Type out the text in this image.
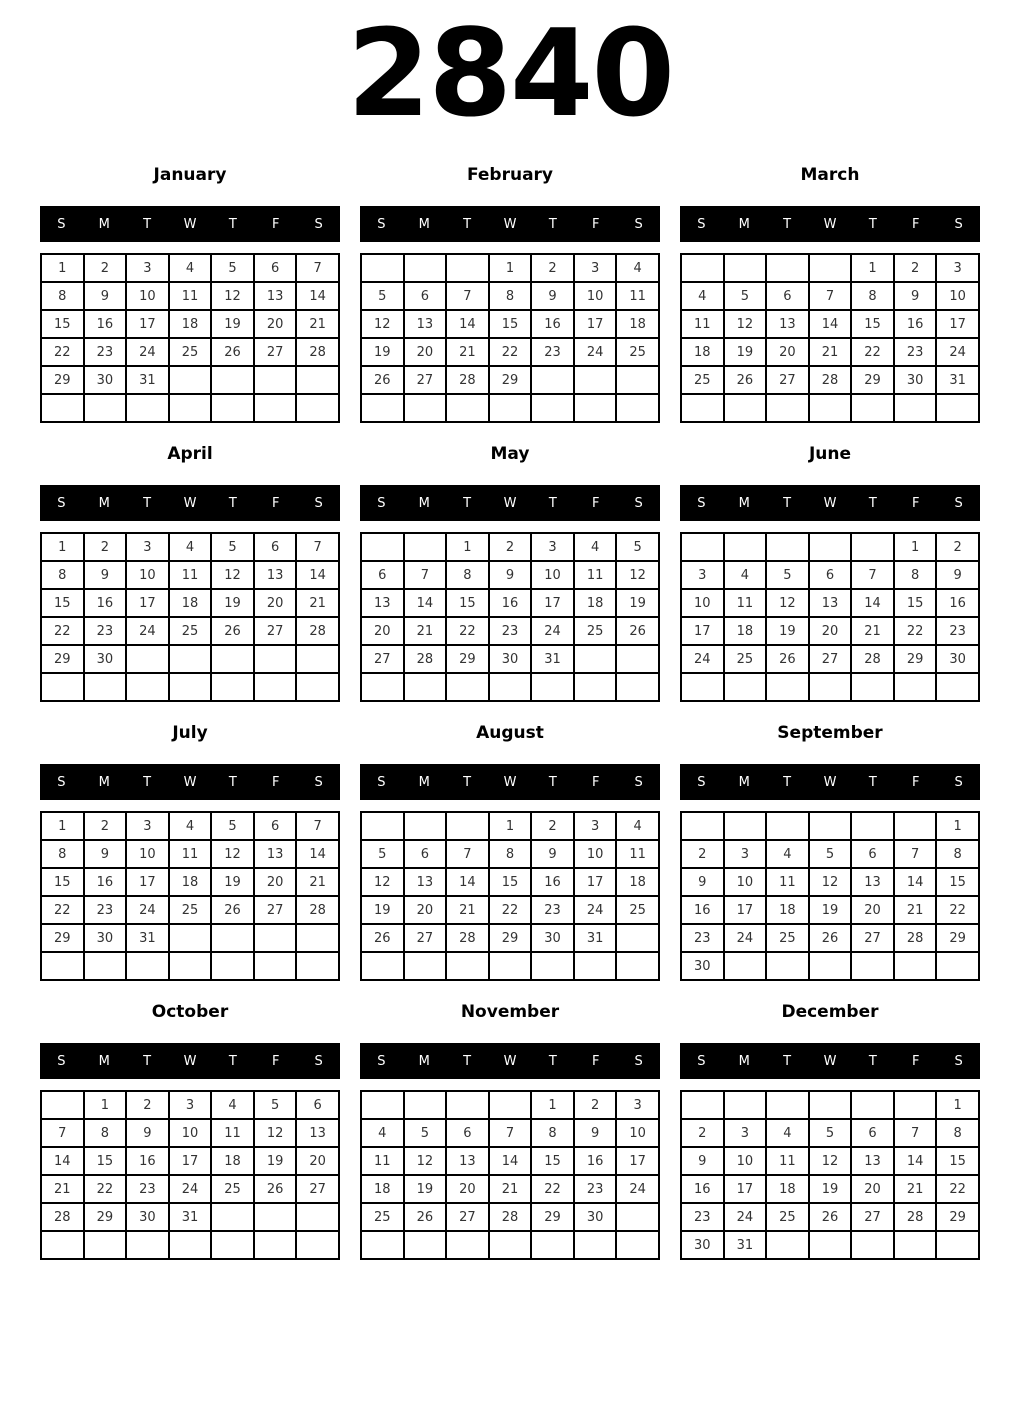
2840
January
S	M	T	W	T	F	S
1	2	3	4	5	6	7
8	9	10	11	12	13	14
15	16	17	18	19	20	21
22	23	24	25	26	27	28
29	30	31				

February
S	M	T	W	T	F	S
			1	2	3	4
5	6	7	8	9	10	11
12	13	14	15	16	17	18
19	20	21	22	23	24	25
26	27	28	29			

March
S	M	T	W	T	F	S
				1	2	3
4	5	6	7	8	9	10
11	12	13	14	15	16	17
18	19	20	21	22	23	24
25	26	27	28	29	30	31

April
S	M	T	W	T	F	S
1	2	3	4	5	6	7
8	9	10	11	12	13	14
15	16	17	18	19	20	21
22	23	24	25	26	27	28
29	30					

May
S	M	T	W	T	F	S
		1	2	3	4	5
6	7	8	9	10	11	12
13	14	15	16	17	18	19
20	21	22	23	24	25	26
27	28	29	30	31		

June
S	M	T	W	T	F	S
					1	2
3	4	5	6	7	8	9
10	11	12	13	14	15	16
17	18	19	20	21	22	23
24	25	26	27	28	29	30

July
S	M	T	W	T	F	S
1	2	3	4	5	6	7
8	9	10	11	12	13	14
15	16	17	18	19	20	21
22	23	24	25	26	27	28
29	30	31				

August
S	M	T	W	T	F	S
			1	2	3	4
5	6	7	8	9	10	11
12	13	14	15	16	17	18
19	20	21	22	23	24	25
26	27	28	29	30	31	

September
S	M	T	W	T	F	S
						1
2	3	4	5	6	7	8
9	10	11	12	13	14	15
16	17	18	19	20	21	22
23	24	25	26	27	28	29
30						
October
S	M	T	W	T	F	S
	1	2	3	4	5	6
7	8	9	10	11	12	13
14	15	16	17	18	19	20
21	22	23	24	25	26	27
28	29	30	31			

November
S	M	T	W	T	F	S
				1	2	3
4	5	6	7	8	9	10
11	12	13	14	15	16	17
18	19	20	21	22	23	24
25	26	27	28	29	30	

December
S	M	T	W	T	F	S
						1
2	3	4	5	6	7	8
9	10	11	12	13	14	15
16	17	18	19	20	21	22
23	24	25	26	27	28	29
30	31					
